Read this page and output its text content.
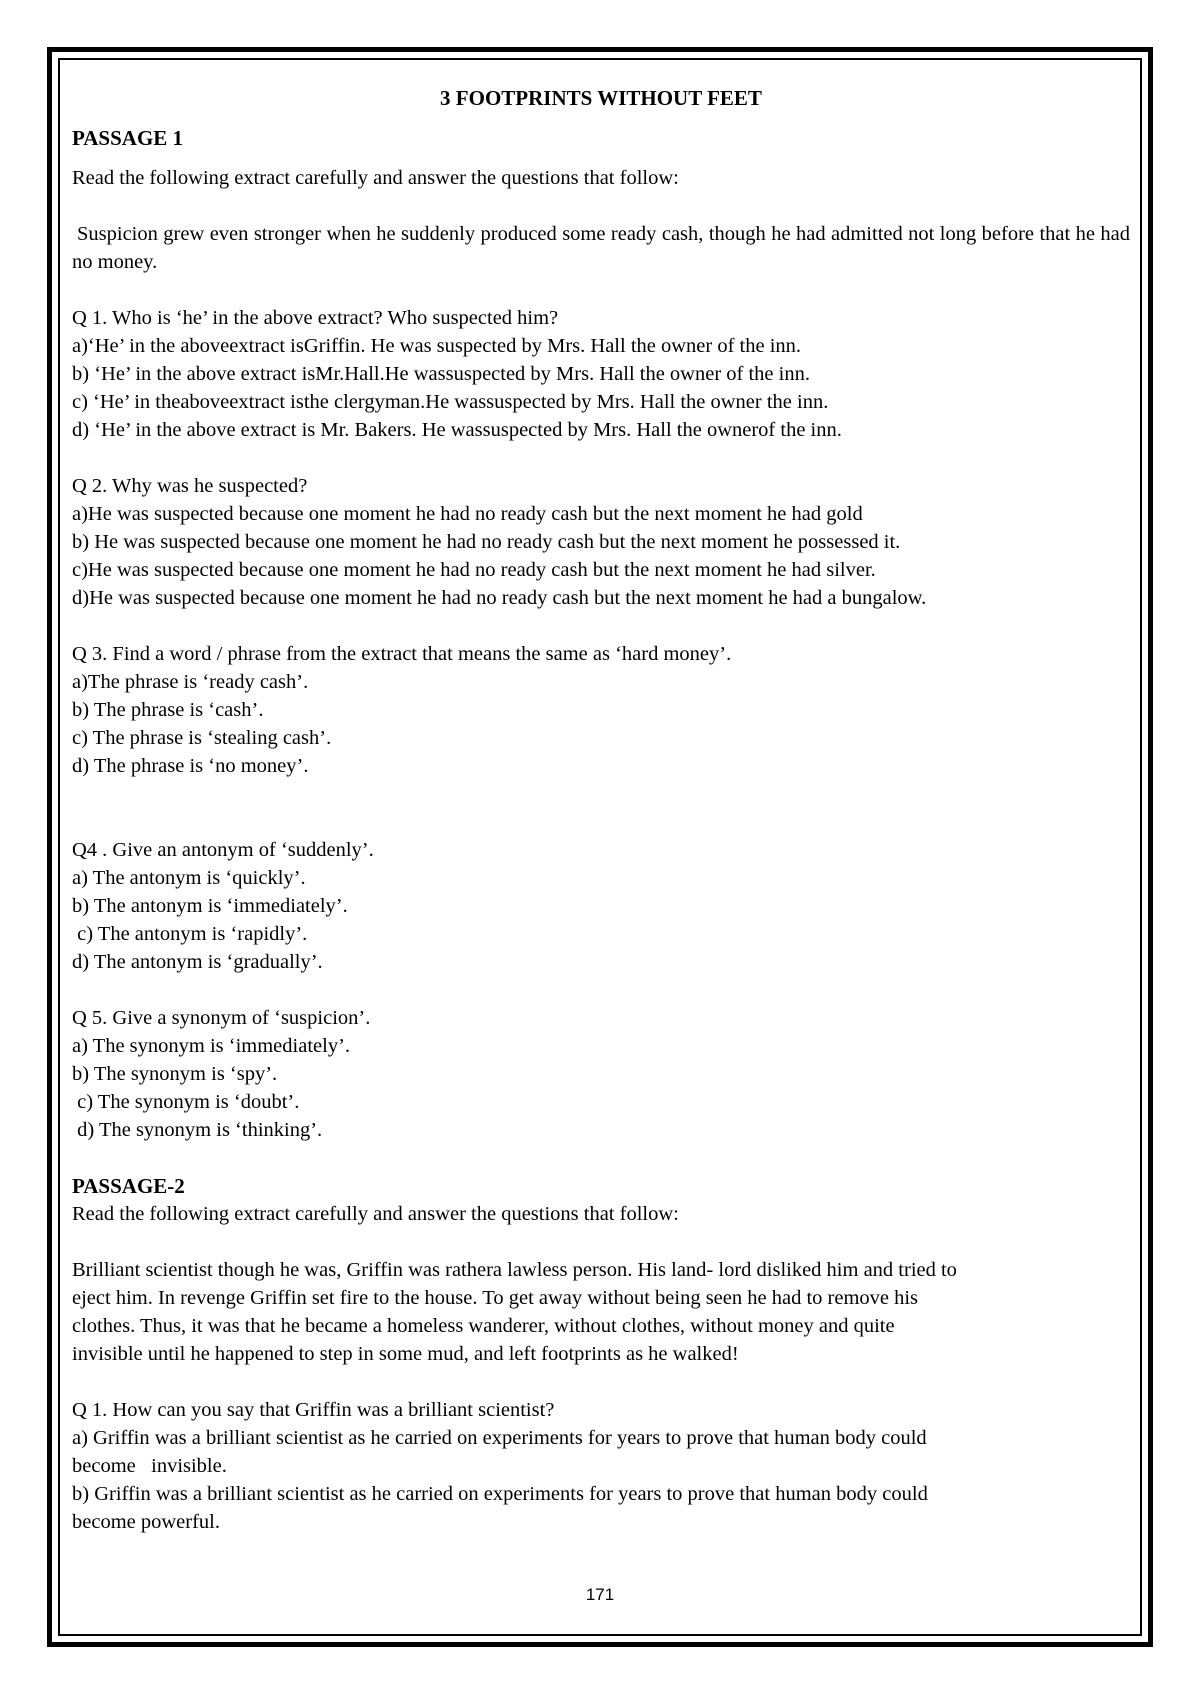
3 FOOTPRINTS WITHOUT FEET
PASSAGE 1

Read the following extract carefully and answer the questions that follow:

Suspicion grew even stronger when he suddenly produced some ready cash, though he had admitted not long before that he had no money.

Q 1. Who is ‘he’ in the above extract? Who suspected him?

a)‘He’ in the aboveextract isGriffin. He was suspected by Mrs. Hall the owner of the inn.
b) ‘He’ in the above extract isMr.Hall.He wassuspected by Mrs. Hall the owner of the inn.
c) ‘He’ in theaboveextract isthe clergyman.He wassuspected by Mrs. Hall the owner the inn.
d) ‘He’ in the above extract is Mr. Bakers. He wassuspected by Mrs. Hall the ownerof the inn.

Q 2. Why was he suspected?

a)He was suspected because one moment he had no ready cash but the next moment he had gold
b) He was suspected because one moment he had no ready cash but the next moment he possessed it.
c)He was suspected because one moment he had no ready cash but the next moment he had silver.
d)He was suspected because one moment he had no ready cash but the next moment he had a bungalow.

Q 3. Find a word / phrase from the extract that means the same as ‘hard money’.

a)The phrase is ‘ready cash’.
b) The phrase is ‘cash’.
c) The phrase is ‘stealing cash’.
d) The phrase is ‘no money’.

Q4 . Give an antonym of ‘suddenly’.

a) The antonym is ‘quickly’.
b) The antonym is ‘immediately’.
c) The antonym is ‘rapidly’.
d) The antonym is ‘gradually’.

Q 5. Give a synonym of ‘suspicion’.

a) The synonym is ‘immediately’.
b) The synonym is ‘spy’.
c) The synonym is ‘doubt’.
d) The synonym is ‘thinking’.
PASSAGE-2

Read the following extract carefully and answer the questions that follow:

Brilliant scientist though he was, Griffin was rathera lawless person. His land- lord disliked him and tried to
eject him. In revenge Griffin set fire to the house. To get away without being seen he had to remove his
clothes. Thus, it was that he became a homeless wanderer, without clothes, without money and quite
invisible until he happened to step in some mud, and left footprints as he walked!

Q 1. How can you say that Griffin was a brilliant scientist?

a) Griffin was a brilliant scientist as he carried on experiments for years to prove that human body could
become   invisible.
b) Griffin was a brilliant scientist as he carried on experiments for years to prove that human body could
become powerful.
171
